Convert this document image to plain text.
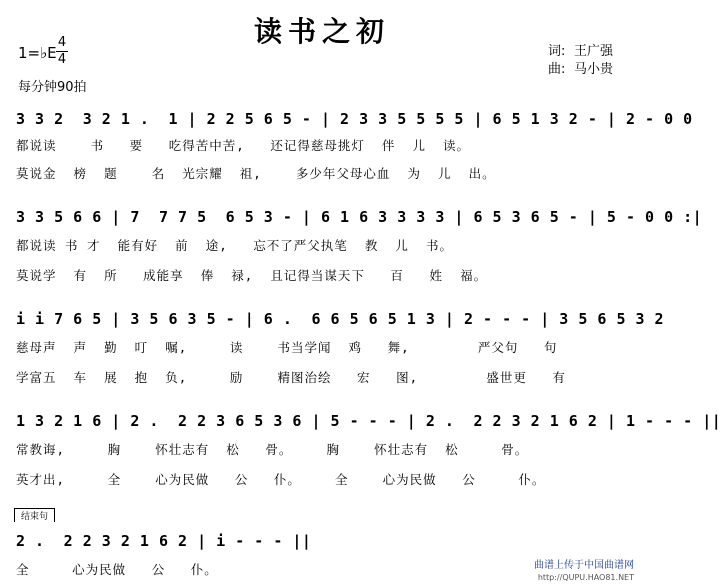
读书之初
1=♭E
4
4
每分钟90拍
词: 王广强
曲: 马小贵
3 3 2  3 2 1 .  1 | 2 2 5 6 5 - | 2 3 3 5 5 5 5 | 6 5 1 3 2 - | 2 - 0 0
都说读    书   要   吃得苦中苦,   还记得慈母挑灯  伴  儿  读。
莫说金  榜  题    名  光宗耀  祖,    多少年父母心血  为  儿  出。
3 3 5 6 6 | 7  7 7 5  6 5 3 - | 6 1 6 3 3 3 3 | 6 5 3 6 5 - | 5 - 0 0 :|
都说读 书 才  能有好  前  途,   忘不了严父执笔  教  儿  书。
莫说学  有  所   成能享  俸  禄,  且记得当谋天下   百   姓  福。
i i 7 6 5 | 3 5 6 3 5 - | 6 .  6 6 5 6 5 1 3 | 2 - - - | 3 5 6 5 3 2
慈母声  声  勤  叮  嘱,     读    书当学闻  鸡   舞,        严父句   句
学富五  车  展  抱  负,     励    精图治绘   宏   图,        盛世更   有
1 3 2 1 6 | 2 .  2 2 3 6 5 3 6 | 5 - - - | 2 .  2 2 3 2 1 6 2 | 1 - - - ||
常教诲,     胸    怀壮志有  松   骨。    胸    怀壮志有  松     骨。
英才出,     全    心为民做   公   仆。    全    心为民做   公     仆。
结束句
2 .  2 2 3 2 1 6 2 | i - - - ||
全     心为民做   公   仆。	曲谱上传于中国曲谱网
http://QUPU.HAO81.NET
